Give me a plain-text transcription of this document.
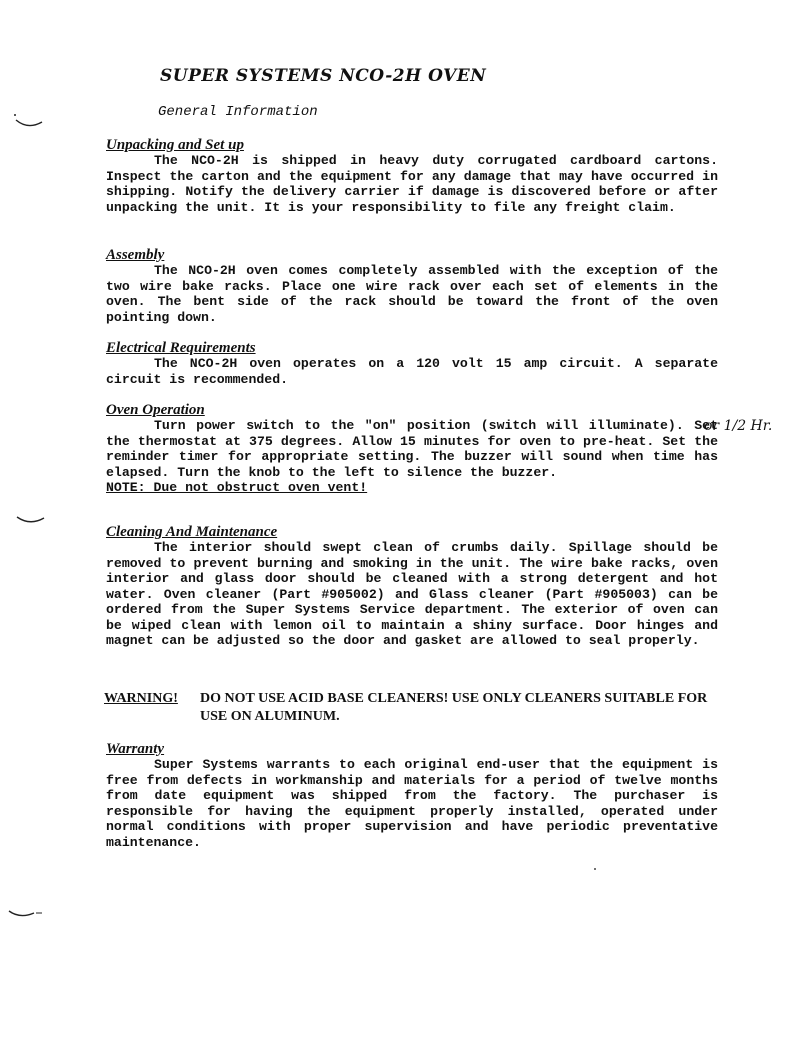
SUPER SYSTEMS NCO-2H OVEN
General Information
Unpacking and Set up

The NCO-2H is shipped in heavy duty corrugated cardboard cartons. Inspect the carton and the equipment for any damage that may have occurred in shipping. Notify the delivery carrier if damage is discovered before or after unpacking the unit. It is your responsibility to file any freight claim.

Assembly

The NCO-2H oven comes completely assembled with the exception of the two wire bake racks. Place one wire rack over each set of elements in the oven. The bent side of the rack should be toward the front of the oven pointing down.

Electrical Requirements

The NCO-2H oven operates on a 120 volt 15 amp circuit. A separate circuit is recommended.

Oven Operation

Turn power switch to the "on" position (switch will illuminate). Set the thermostat at 375 degrees. Allow 15 minutes for oven to pre-heat. Set the reminder timer for appropriate setting. The buzzer will sound when time has elapsed. Turn the knob to the left to silence the buzzer.

NOTE: Due not obstruct oven vent!

Cleaning And Maintenance

The interior should swept clean of crumbs daily. Spillage should be removed to prevent burning and smoking in the unit. The wire bake racks, oven interior and glass door should be cleaned with a strong detergent and hot water. Oven cleaner (Part #905002) and Glass cleaner (Part #905003) can be ordered from the Super Systems Service department. The exterior of oven can be wiped clean with lemon oil to maintain a shiny surface. Door hinges and magnet can be adjusted so the door and gasket are allowed to seal properly.

WARNING! DO NOT USE ACID BASE CLEANERS! USE ONLY CLEANERS SUITABLE FOR USE ON ALUMINUM.
Warranty

Super Systems warrants to each original end-user that the equipment is free from defects in workmanship and materials for a period of twelve months from date equipment was shipped from the factory. The purchaser is responsible for having the equipment properly installed, operated under normal conditions with proper supervision and have periodic preventative maintenance.

or 1/2 Hr.
